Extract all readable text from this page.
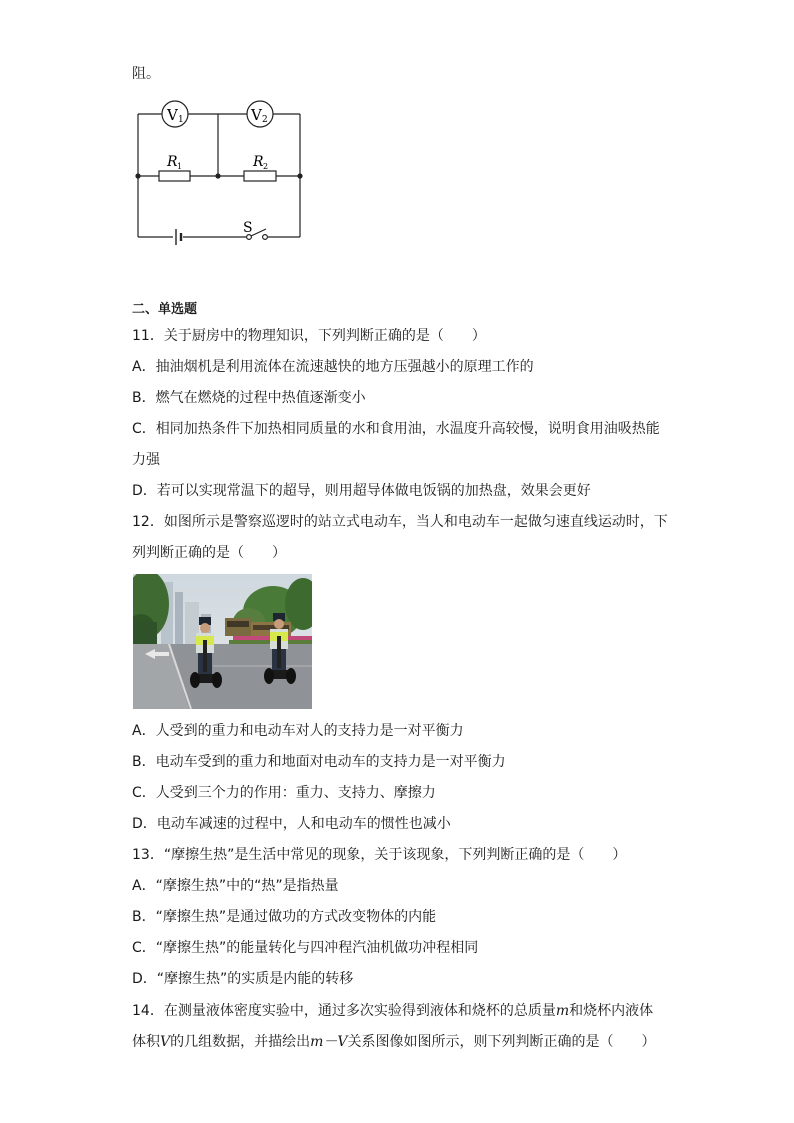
阻。
V 1	V 2
R 1	R 2
S
二、单选题
11．关于厨房中的物理知识，下列判断正确的是（　　）
A．抽油烟机是利用流体在流速越快的地方压强越小的原理工作的
B．燃气在燃烧的过程中热值逐渐变小
C．相同加热条件下加热相同质量的水和食用油，水温度升高较慢，说明食用油吸热能
力强
D．若可以实现常温下的超导，则用超导体做电饭锅的加热盘，效果会更好
12．如图所示是警察巡逻时的站立式电动车，当人和电动车一起做匀速直线运动时，下
列判断正确的是（　　）
A．人受到的重力和电动车对人的支持力是一对平衡力
B．电动车受到的重力和地面对电动车的支持力是一对平衡力
C．人受到三个力的作用：重力、支持力、摩擦力
D．电动车减速的过程中，人和电动车的惯性也减小
13．“摩擦生热”是生活中常见的现象，关于该现象，下列判断正确的是（　　）
A．“摩擦生热”中的“热”是指热量
B．“摩擦生热”是通过做功的方式改变物体的内能
C．“摩擦生热”的能量转化与四冲程汽油机做功冲程相同
D．“摩擦生热”的实质是内能的转移
14．在测量液体密度实验中，通过多次实验得到液体和烧杯的总质量m和烧杯内液体
体积V的几组数据，并描绘出m－V关系图像如图所示，则下列判断正确的是（　　）
